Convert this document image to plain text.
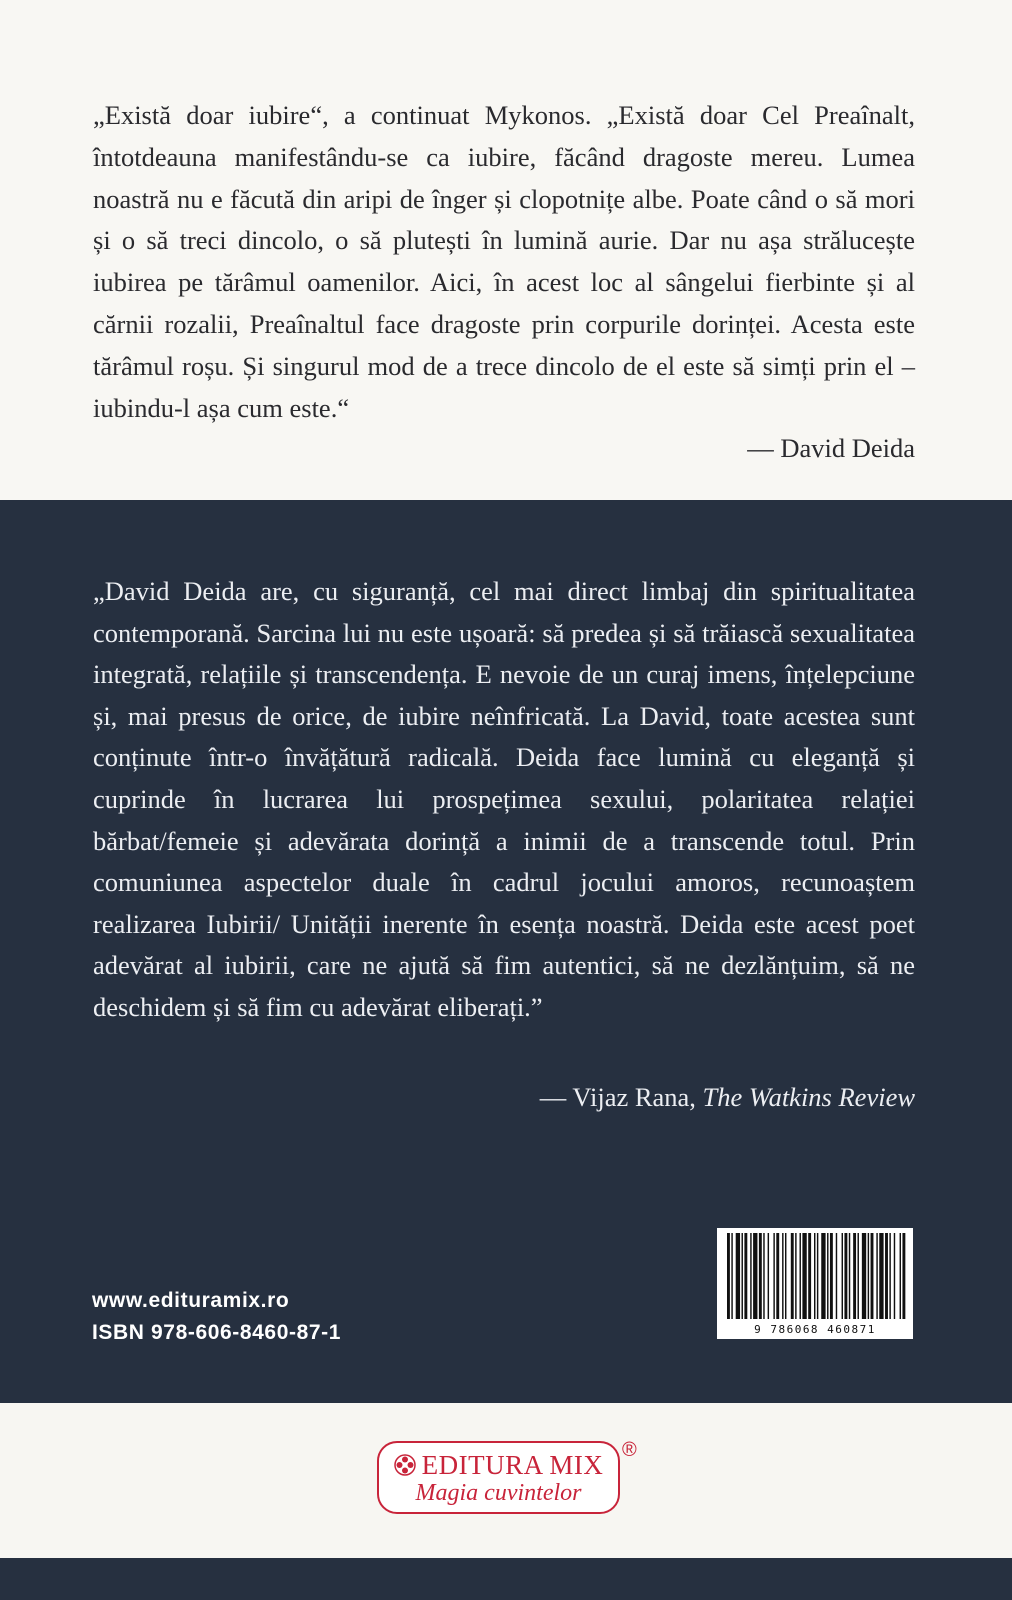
„Există doar iubire“, a continuat Mykonos. „Există doar Cel Preaînalt, întotdeauna manifestându-se ca iubire, făcând dragoste mereu. Lumea noastră nu e făcută din aripi de înger și clopotnițe albe. Poate când o să mori și o să treci dincolo, o să plutești în lumină aurie. Dar nu așa strălucește iubirea pe tărâmul oamenilor. Aici, în acest loc al sângelui fierbinte și al cărnii rozalii, Preaînaltul face dragoste prin corpurile dorinței. Acesta este tărâmul roșu. Și singurul mod de a trece dincolo de el este să simți prin el – iubindu-l așa cum este.“

— David Deida

„David Deida are, cu siguranță, cel mai direct limbaj din spiritualitatea contemporană. Sarcina lui nu este ușoară: să predea și să trăiască sexualitatea integrată, relațiile și transcendența. E nevoie de un curaj imens, înțelepciune și, mai presus de orice, de iubire neînfricată. La David, toate acestea sunt conținute într-o învățătură radicală. Deida face lumină cu eleganță și cuprinde în lucrarea lui prospețimea sexului, polaritatea relației bărbat/femeie și adevărata dorință a inimii de a transcende totul. Prin comuniunea aspectelor duale în cadrul jocului amoros, recunoaștem realizarea Iubirii/ Unității inerente în esența noastră. Deida este acest poet adevărat al iubirii, care ne ajută să fim autentici, să ne dezlănțuim, să ne deschidem și să fim cu adevărat eliberați.”

— Vijaz Rana, The Watkins Review
www.edituramix.ro
ISBN 978-606-8460-87-1	9 786068 460871
EDITURA MIX
Magia cuvintelor
®
